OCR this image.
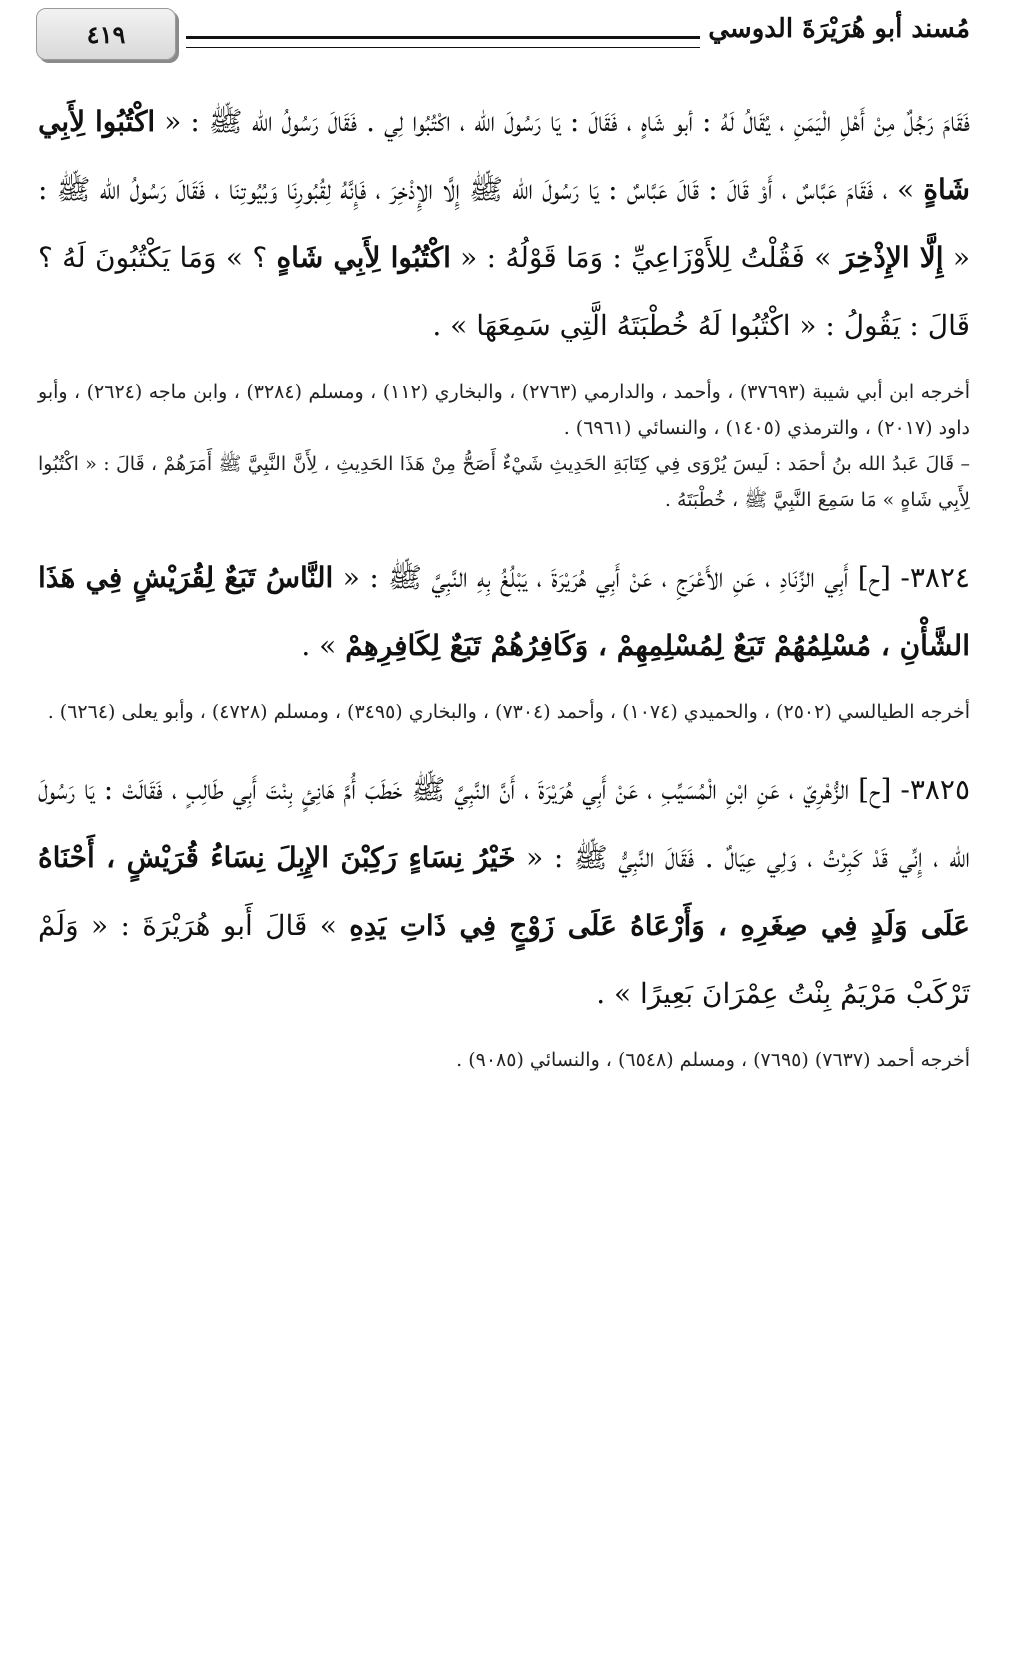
٤١٩	مُسند أبو هُرَيْرَةَ الدوسي

فَقَامَ رَجُلٌ مِنْ أَهْلِ الْيَمَنِ ، يُقَالُ لَهُ : أبو شَاهٍ ، فَقَالَ : يَا رَسُولَ الله ، اكْتُبُوا لِي . فَقَالَ رَسُولُ الله ﷺ : « اكْتُبُوا لِأَبِي شَاةٍ » ، فَقَامَ عَبَّاسٌ ، أَوْ قَالَ : قَالَ عَبَّاسٌ : يَا رَسُولَ الله ﷺ إِلَّا الإِذْخِرَ ، فَإِنَّهُ لِقُبُورِنَا وَبُيُوتِنَا ، فَقَالَ رَسُولُ الله ﷺ : « إِلَّا الإِذْخِرَ » فَقُلْتُ لِلأَوْزَاعِيِّ : وَمَا قَوْلُهُ : « اكْتُبُوا لِأَبِي شَاهٍ ؟ » وَمَا يَكْتُبُونَ لَهُ ؟ قَالَ : يَقُولُ : « اكْتُبُوا لَهُ خُطْبَتَهُ الَّتِي سَمِعَهَا » .

أخرجه ابن أبي شيبة (٣٧٦٩٣) ، وأحمد ، والدارمي (٢٧٦٣) ، والبخاري (١١٢) ، ومسلم (٣٢٨٤) ، وابن ماجه (٢٦٢٤) ، وأبو داود (٢٠١٧) ، والترمذي (١٤٠٥) ، والنسائي (٦٩٦١) .

– قَالَ عَبدُ الله بنُ أحمَد : لَيسَ يُرْوَى فِي كِتَابَةِ الحَدِيثِ شَيْءٌ أَصَحُّ مِنْ هَذَا الحَدِيثِ ، لِأَنَّ النَّبِيَّ ﷺ أَمَرَهُمْ ، قَالَ : « اكْتُبُوا لِأَبِي شَاهٍ » مَا سَمِعَ النَّبِيَّ ﷺ ، خُطْبَتَهُ .

٣٨٢٤- [ح] أَبِي الزِّنَادِ ، عَنِ الأَعْرَجِ ، عَنْ أَبِي هُرَيْرَةَ ، يَبْلُغُ بِهِ النَّبِيَّ ﷺ : « النَّاسُ تَبَعٌ لِقُرَيْشٍ فِي هَذَا الشَّأْنِ ، مُسْلِمُهُمْ تَبَعٌ لِمُسْلِمِهِمْ ، وَكَافِرُهُمْ تَبَعٌ لِكَافِرِهِمْ » .

أخرجه الطيالسي (٢٥٠٢) ، والحميدي (١٠٧٤) ، وأحمد (٧٣٠٤) ، والبخاري (٣٤٩٥) ، ومسلم (٤٧٢٨) ، وأبو يعلى (٦٢٦٤) .

٣٨٢٥- [ح] الزُّهْرِيّ ، عَنِ ابْنِ الْمُسَيِّبِ ، عَنْ أَبِي هُرَيْرَةَ ، أَنَّ النَّبِيَّ ﷺ خَطَبَ أُمَّ هَانِئٍ بِنْتَ أَبِي طَالِبٍ ، فَقَالَتْ : يَا رَسُولَ الله ، إِنِّي قَدْ كَبِرْتُ ، وَلِي عِيَالٌ . فَقَالَ النَّبِيُّ ﷺ : « خَيْرُ نِسَاءٍ رَكِبْنَ الإِبِلَ نِسَاءُ قُرَيْشٍ ، أَحْنَاهُ عَلَى وَلَدٍ فِي صِغَرِهِ ، وَأَرْعَاهُ عَلَى زَوْجٍ فِي ذَاتِ يَدِهِ » قَالَ أَبو هُرَيْرَةَ : « وَلَمْ تَرْكَبْ مَرْيَمُ بِنْتُ عِمْرَانَ بَعِيرًا » .

أخرجه أحمد (٧٦٣٧) (٧٦٩٥) ، ومسلم (٦٥٤٨) ، والنسائي (٩٠٨٥) .
